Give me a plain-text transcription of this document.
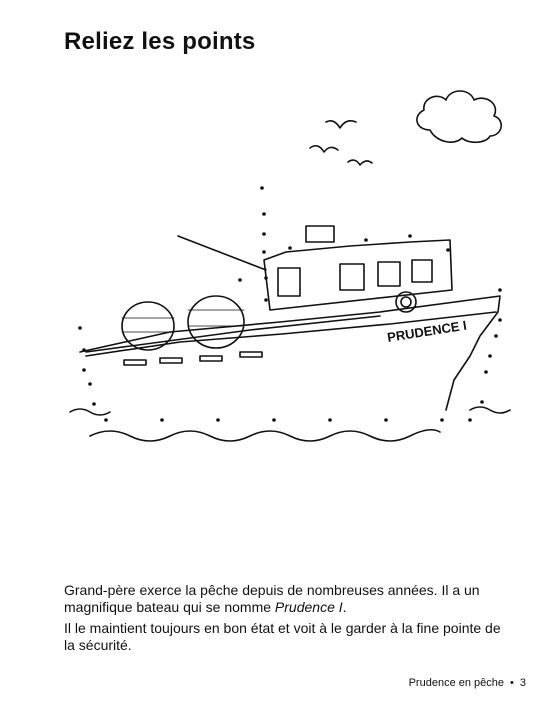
Reliez les points
PRUDENCE I

Grand-père exerce la pêche depuis de nombreuses années. Il a un magnifique bateau qui se nomme Prudence I.

Il le maintient toujours en bon état et voit à le garder à la fine pointe de la sécurité.

Prudence en pêche • 3
